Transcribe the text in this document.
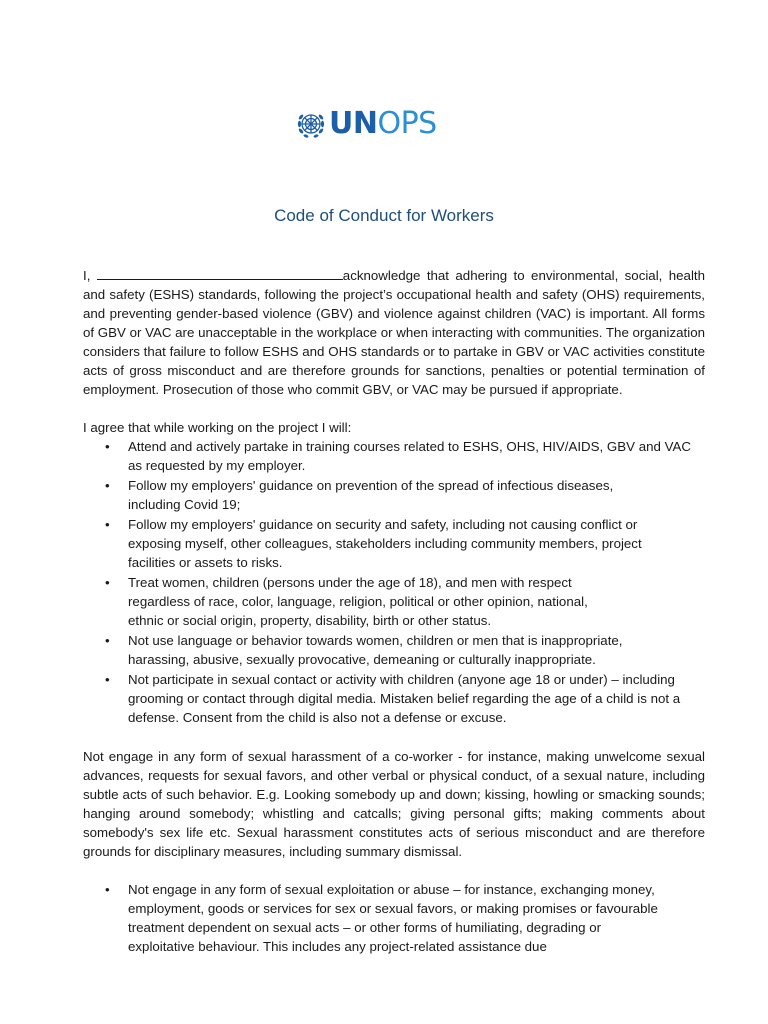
UNOPS
Code of Conduct for Workers

I,	acknowledge that adhering to environmental, social, health and safety (ESHS) standards, following the project’s occupational health and safety (OHS) requirements, and preventing gender-based violence (GBV) and violence against children (VAC) is important. All forms of GBV or VAC are unacceptable in the workplace or when interacting with communities. The organization considers that failure to follow ESHS and OHS standards or to partake in GBV or VAC activities constitute acts of gross misconduct and are therefore grounds for sanctions, penalties or potential termination of employment. Prosecution of those who commit GBV, or VAC may be pursued if appropriate.

I agree that while working on the project I will:

• Attend and actively partake in training courses related to ESHS, OHS, HIV/AIDS, GBV and VAC as requested by my employer.
• Follow my employers' guidance on prevention of the spread of infectious diseases, including Covid 19;
• Follow my employers' guidance on security and safety, including not causing conflict or exposing myself, other colleagues, stakeholders including community members, project facilities or assets to risks.
• Treat women, children (persons under the age of 18), and men with respect regardless of race, color, language, religion, political or other opinion, national, ethnic or social origin, property, disability, birth or other status.
• Not use language or behavior towards women, children or men that is inappropriate, harassing, abusive, sexually provocative, demeaning or culturally inappropriate.
• Not participate in sexual contact or activity with children (anyone age 18 or under) – including grooming or contact through digital media. Mistaken belief regarding the age of a child is not a defense. Consent from the child is also not a defense or excuse.

Not engage in any form of sexual harassment of a co-worker - for instance, making unwelcome sexual advances, requests for sexual favors, and other verbal or physical conduct, of a sexual nature, including subtle acts of such behavior. E.g. Looking somebody up and down; kissing, howling or smacking sounds; hanging around somebody; whistling and catcalls; giving personal gifts; making comments about somebody's sex life etc. Sexual harassment constitutes acts of serious misconduct and are therefore grounds for disciplinary measures, including summary dismissal.

• Not engage in any form of sexual exploitation or abuse – for instance, exchanging money, employment, goods or services for sex or sexual favors, or making promises or favourable treatment dependent on sexual acts – or other forms of humiliating, degrading or exploitative behaviour. This includes any project-related assistance due
